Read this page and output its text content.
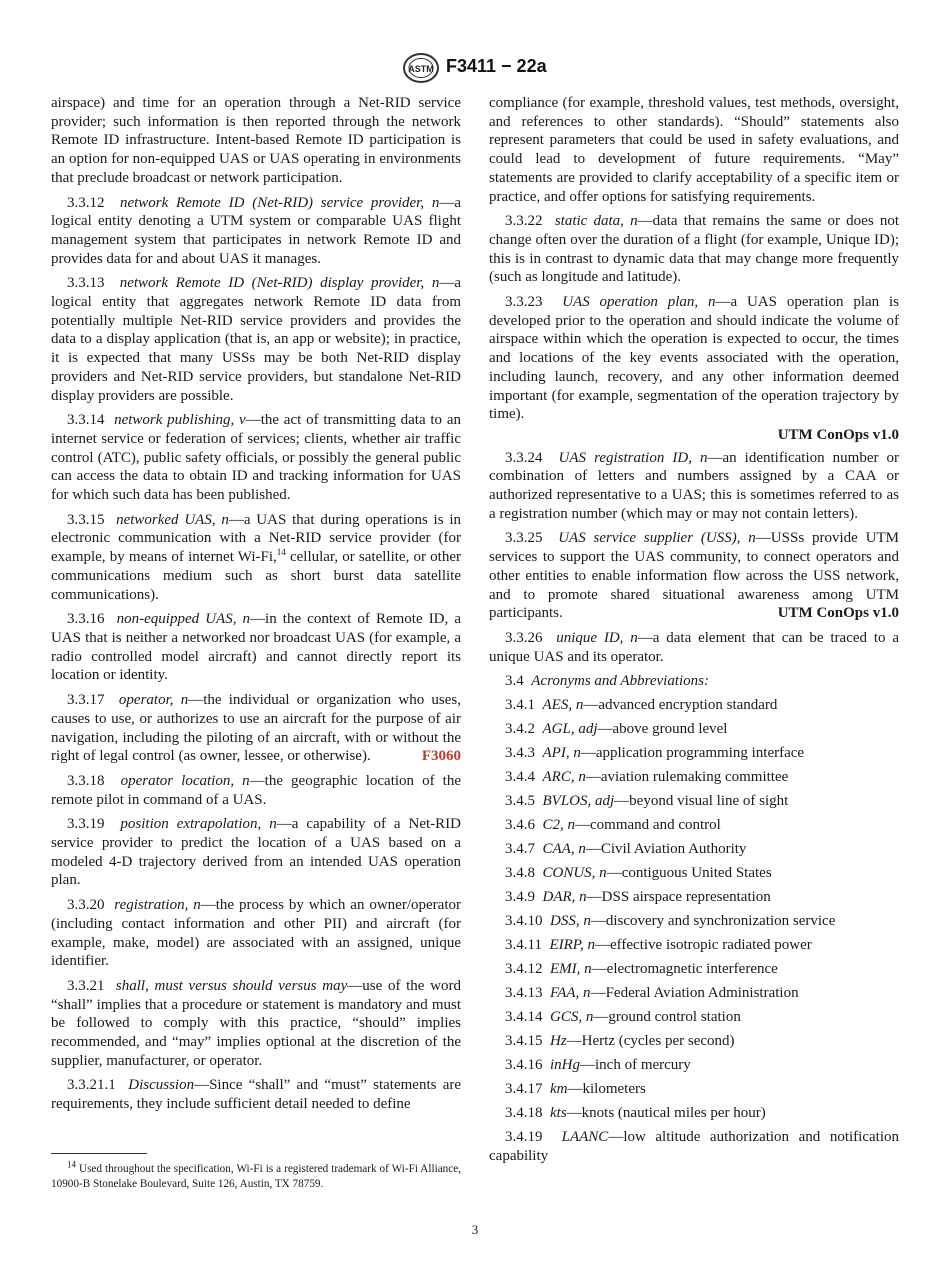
ASTM F3411 − 22a

airspace) and time for an operation through a Net-RID service provider; such information is then reported through the network Remote ID infrastructure. Intent-based Remote ID participation is an option for non-equipped UAS or UAS operating in environments that preclude broadcast or network participation.

3.3.12 network Remote ID (Net-RID) service provider, n—a logical entity denoting a UTM system or comparable UAS flight management system that participates in network Remote ID and provides data for and about UAS it manages.

3.3.13 network Remote ID (Net-RID) display provider, n—a logical entity that aggregates network Remote ID data from potentially multiple Net-RID service providers and provides the data to a display application (that is, an app or website); in practice, it is expected that many USSs may be both Net-RID display providers and Net-RID service providers, but standalone Net-RID display providers are possible.

3.3.14 network publishing, v—the act of transmitting data to an internet service or federation of services; clients, whether air traffic control (ATC), public safety officials, or possibly the general public can access the data to obtain ID and tracking information for UAS for which such data has been published.

3.3.15 networked UAS, n—a UAS that during operations is in electronic communication with a Net-RID service provider (for example, by means of internet Wi-Fi,$^{14}$ cellular, or satellite, or other communications medium such as short burst data satellite communications).

3.3.16 non-equipped UAS, n—in the context of Remote ID, a UAS that is neither a networked nor broadcast UAS (for example, a radio controlled model aircraft) and cannot directly report its location or identity.

3.3.17 operator, n—the individual or organization who uses, causes to use, or authorizes to use an aircraft for the purpose of air navigation, including the piloting of an aircraft, with or without the right of legal control (as owner, lessee, or otherwise).	F3060

3.3.18 operator location, n—the geographic location of the remote pilot in command of a UAS.

3.3.19 position extrapolation, n—a capability of a Net-RID service provider to predict the location of a UAS based on a modeled 4-D trajectory derived from an intended UAS operation plan.

3.3.20 registration, n—the process by which an owner/operator (including contact information and other PII) and aircraft (for example, make, model) are associated with an assigned, unique identifier.

3.3.21 shall, must versus should versus may—use of the word “shall” implies that a procedure or statement is mandatory and must be followed to comply with this practice, “should” implies recommended, and “may” implies optional at the discretion of the supplier, manufacturer, or operator.

3.3.21.1 Discussion—Since “shall” and “must” statements are requirements, they include sufficient detail needed to define

compliance (for example, threshold values, test methods, oversight, and references to other standards). “Should” statements also represent parameters that could be used in safety evaluations, and could lead to development of future requirements. “May” statements are provided to clarify acceptability of a specific item or practice, and offer options for satisfying requirements.

3.3.22 static data, n—data that remains the same or does not change often over the duration of a flight (for example, Unique ID); this is in contrast to dynamic data that may change more frequently (such as longitude and latitude).

3.3.23 UAS operation plan, n—a UAS operation plan is developed prior to the operation and should indicate the volume of airspace within which the operation is expected to occur, the times and locations of the key events associated with the operation, including launch, recovery, and any other information deemed important (for example, segmentation of the operation trajectory by time).

UTM ConOps v1.0

3.3.24 UAS registration ID, n—an identification number or combination of letters and numbers assigned by a CAA or authorized representative to a UAS; this is sometimes referred to as a registration number (which may or may not contain letters).

3.3.25 UAS service supplier (USS), n—USSs provide UTM services to support the UAS community, to connect operators and other entities to enable information flow across the USS network, and to promote shared situational awareness among UTM participants.	UTM ConOps v1.0

3.3.26 unique ID, n—a data element that can be traced to a unique UAS and its operator.

3.4 Acronyms and Abbreviations:

3.4.1 AES, n—advanced encryption standard

3.4.2 AGL, adj—above ground level

3.4.3 API, n—application programming interface

3.4.4 ARC, n—aviation rulemaking committee

3.4.5 BVLOS, adj—beyond visual line of sight

3.4.6 C2, n—command and control

3.4.7 CAA, n—Civil Aviation Authority

3.4.8 CONUS, n—contiguous United States

3.4.9 DAR, n—DSS airspace representation

3.4.10 DSS, n—discovery and synchronization service

3.4.11 EIRP, n—effective isotropic radiated power

3.4.12 EMI, n—electromagnetic interference

3.4.13 FAA, n—Federal Aviation Administration

3.4.14 GCS, n—ground control station

3.4.15 Hz—Hertz (cycles per second)

3.4.16 inHg—inch of mercury

3.4.17 km—kilometers

3.4.18 kts—knots (nautical miles per hour)

3.4.19 LAANC—low altitude authorization and notification capability

$^{14}$ Used throughout the specification, Wi-Fi is a registered trademark of Wi-Fi Alliance, 10900-B Stonelake Boulevard, Suite 126, Austin, TX 78759.
3
